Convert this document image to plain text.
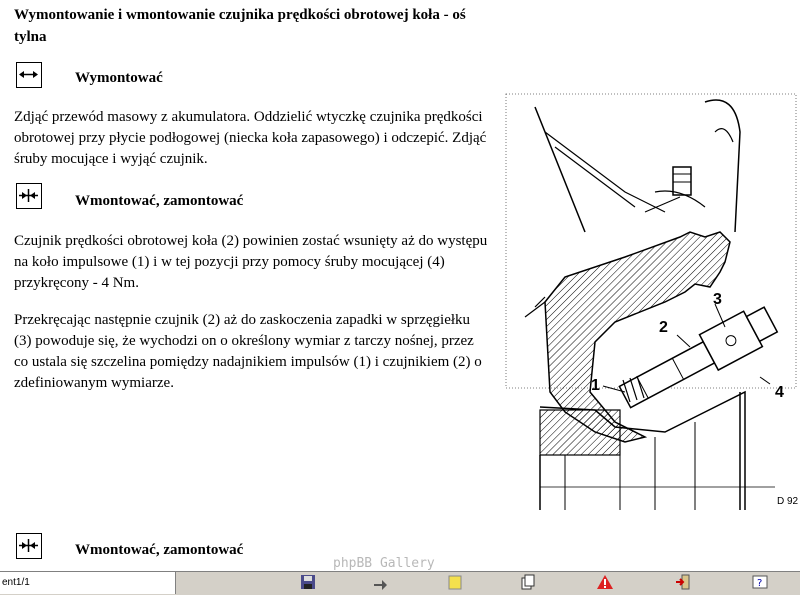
Wymontowanie i wmontowanie czujnika prędkości obrotowej koła - oś tylna
Wymontować
Zdjąć przewód masowy z akumulatora. Oddzielić wtyczkę czujnika prędkości obrotowej przy płycie podłogowej (niecka koła zapasowego) i odczepić. Zdjąć śruby mocujące i wyjąć czujnik.
Wmontować, zamontować
Czujnik prędkości obrotowej koła (2) powinien zostać wsunięty aż do występu na koło impulsowe (1) i w tej pozycji przy pomocy śruby mocującej (4) przykręcony - 4 Nm.
Przekręcając następnie czujnik (2) aż do zaskoczenia zapadki w sprzęgiełku (3) powoduje się, że wychodzi on o określony wymiar z tarczy nośnej, przez co ustala się szczelina pomiędzy nadajnikiem impulsów (1) i czujnikiem (2) o zdefiniowanym wymiarze.
Wmontować, zamontować
1
2
3
4
D 92
phpBB Gallery
ent1/1	?
